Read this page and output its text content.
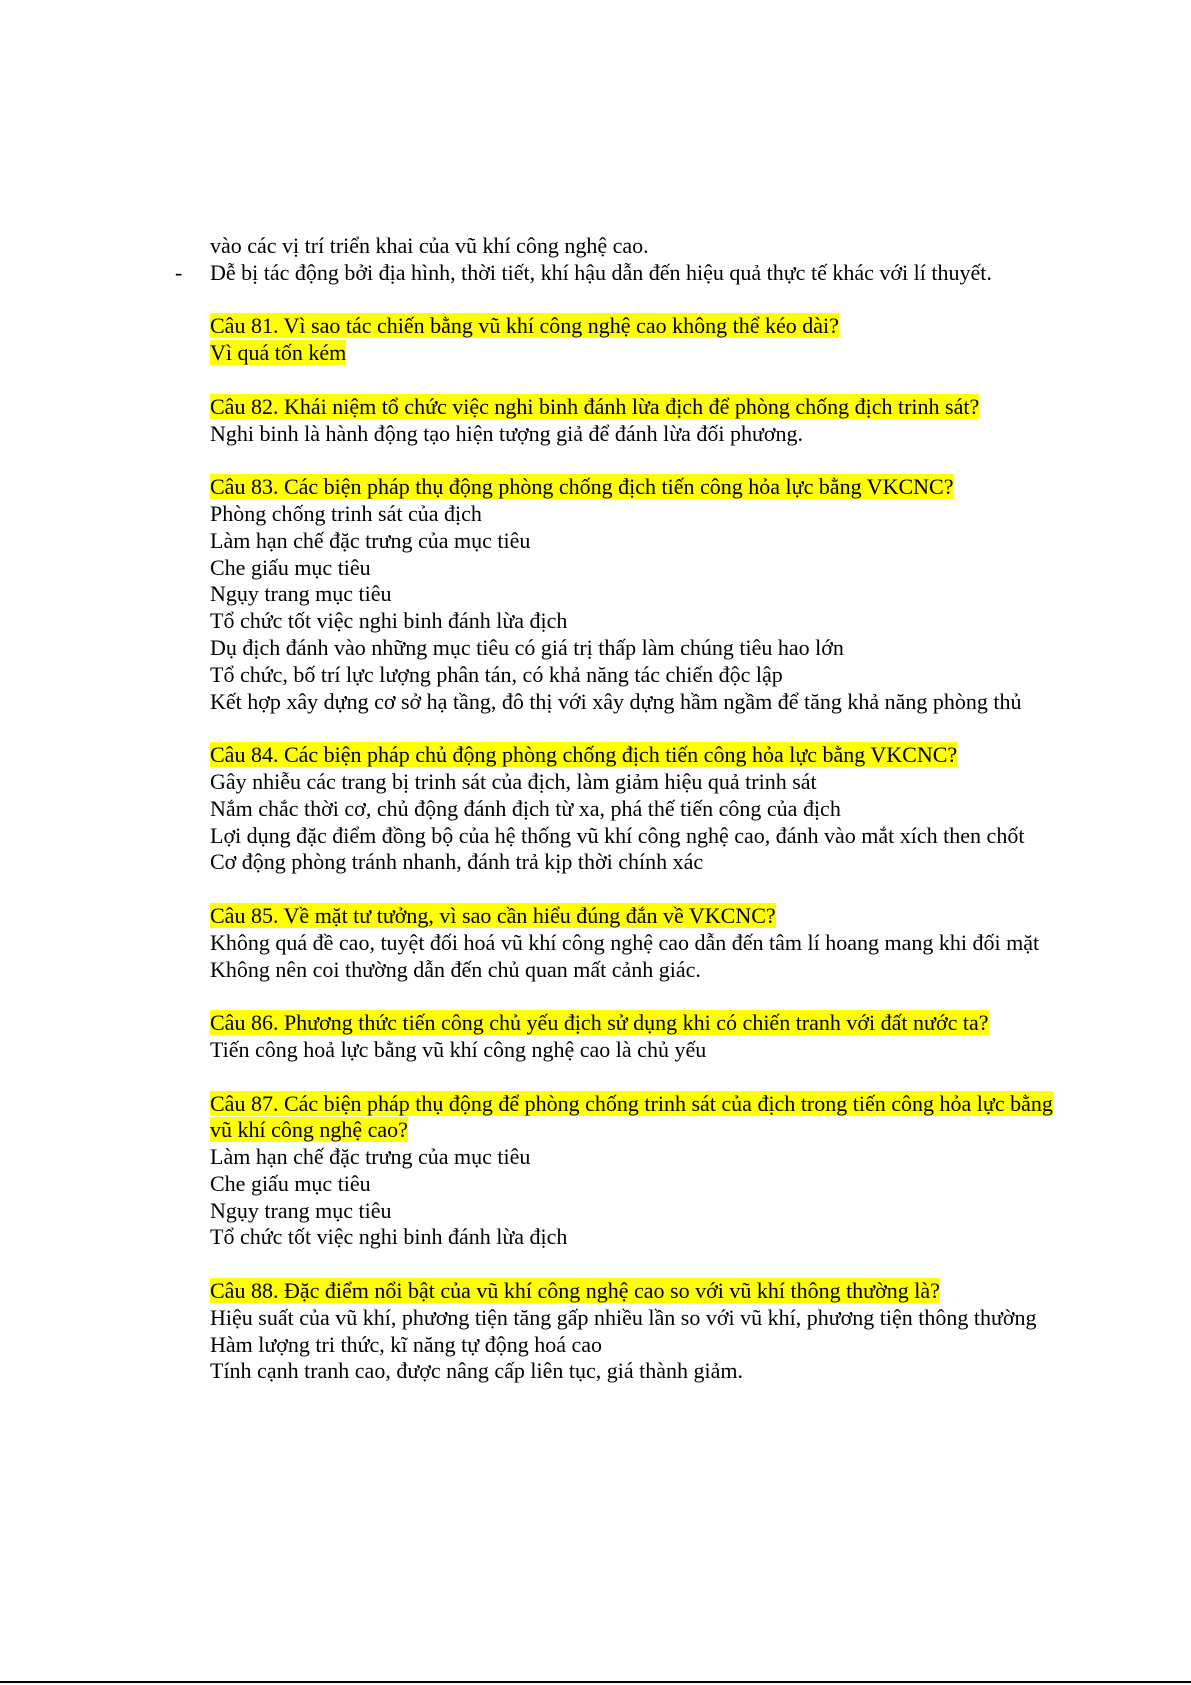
vào các vị trí triển khai của vũ khí công nghệ cao.
- Dễ bị tác động bởi địa hình, thời tiết, khí hậu dẫn đến hiệu quả thực tế khác với lí thuyết.
Câu 81. Vì sao tác chiến bằng vũ khí công nghệ cao không thể kéo dài?
Vì quá tốn kém
Câu 82. Khái niệm tổ chức việc nghi binh đánh lừa địch để phòng chống địch trinh sát?
Nghi binh là hành động tạo hiện tượng giả để đánh lừa đối phương.
Câu 83. Các biện pháp thụ động phòng chống địch tiến công hỏa lực bằng VKCNC?
Phòng chống trinh sát của địch
Làm hạn chế đặc trưng của mục tiêu
Che giấu mục tiêu
Ngụy trang mục tiêu
Tổ chức tốt việc nghi binh đánh lừa địch
Dụ địch đánh vào những mục tiêu có giá trị thấp làm chúng tiêu hao lớn
Tổ chức, bố trí lực lượng phân tán, có khả năng tác chiến độc lập
Kết hợp xây dựng cơ sở hạ tầng, đô thị với xây dựng hầm ngầm để tăng khả năng phòng thủ
Câu 84. Các biện pháp chủ động phòng chống địch tiến công hỏa lực bằng VKCNC?
Gây nhiễu các trang bị trinh sát của địch, làm giảm hiệu quả trinh sát
Nắm chắc thời cơ, chủ động đánh địch từ xa, phá thế tiến công của địch
Lợi dụng đặc điểm đồng bộ của hệ thống vũ khí công nghệ cao, đánh vào mắt xích then chốt
Cơ động phòng tránh nhanh, đánh trả kịp thời chính xác
Câu 85. Về mặt tư tưởng, vì sao cần hiểu đúng đắn về VKCNC?
Không quá đề cao, tuyệt đối hoá vũ khí công nghệ cao dẫn đến tâm lí hoang mang khi đối mặt
Không nên coi thường dẫn đến chủ quan mất cảnh giác.
Câu 86. Phương thức tiến công chủ yếu địch sử dụng khi có chiến tranh với đất nước ta?
Tiến công hoả lực bằng vũ khí công nghệ cao là chủ yếu
Câu 87. Các biện pháp thụ động để phòng chống trinh sát của địch trong tiến công hỏa lực bằng vũ khí công nghệ cao?
Làm hạn chế đặc trưng của mục tiêu
Che giấu mục tiêu
Ngụy trang mục tiêu
Tổ chức tốt việc nghi binh đánh lừa địch
Câu 88. Đặc điểm nổi bật của vũ khí công nghệ cao so với vũ khí thông thường là?
Hiệu suất của vũ khí, phương tiện tăng gấp nhiều lần so với vũ khí, phương tiện thông thường
Hàm lượng tri thức, kĩ năng tự động hoá cao
Tính cạnh tranh cao, được nâng cấp liên tục, giá thành giảm.
